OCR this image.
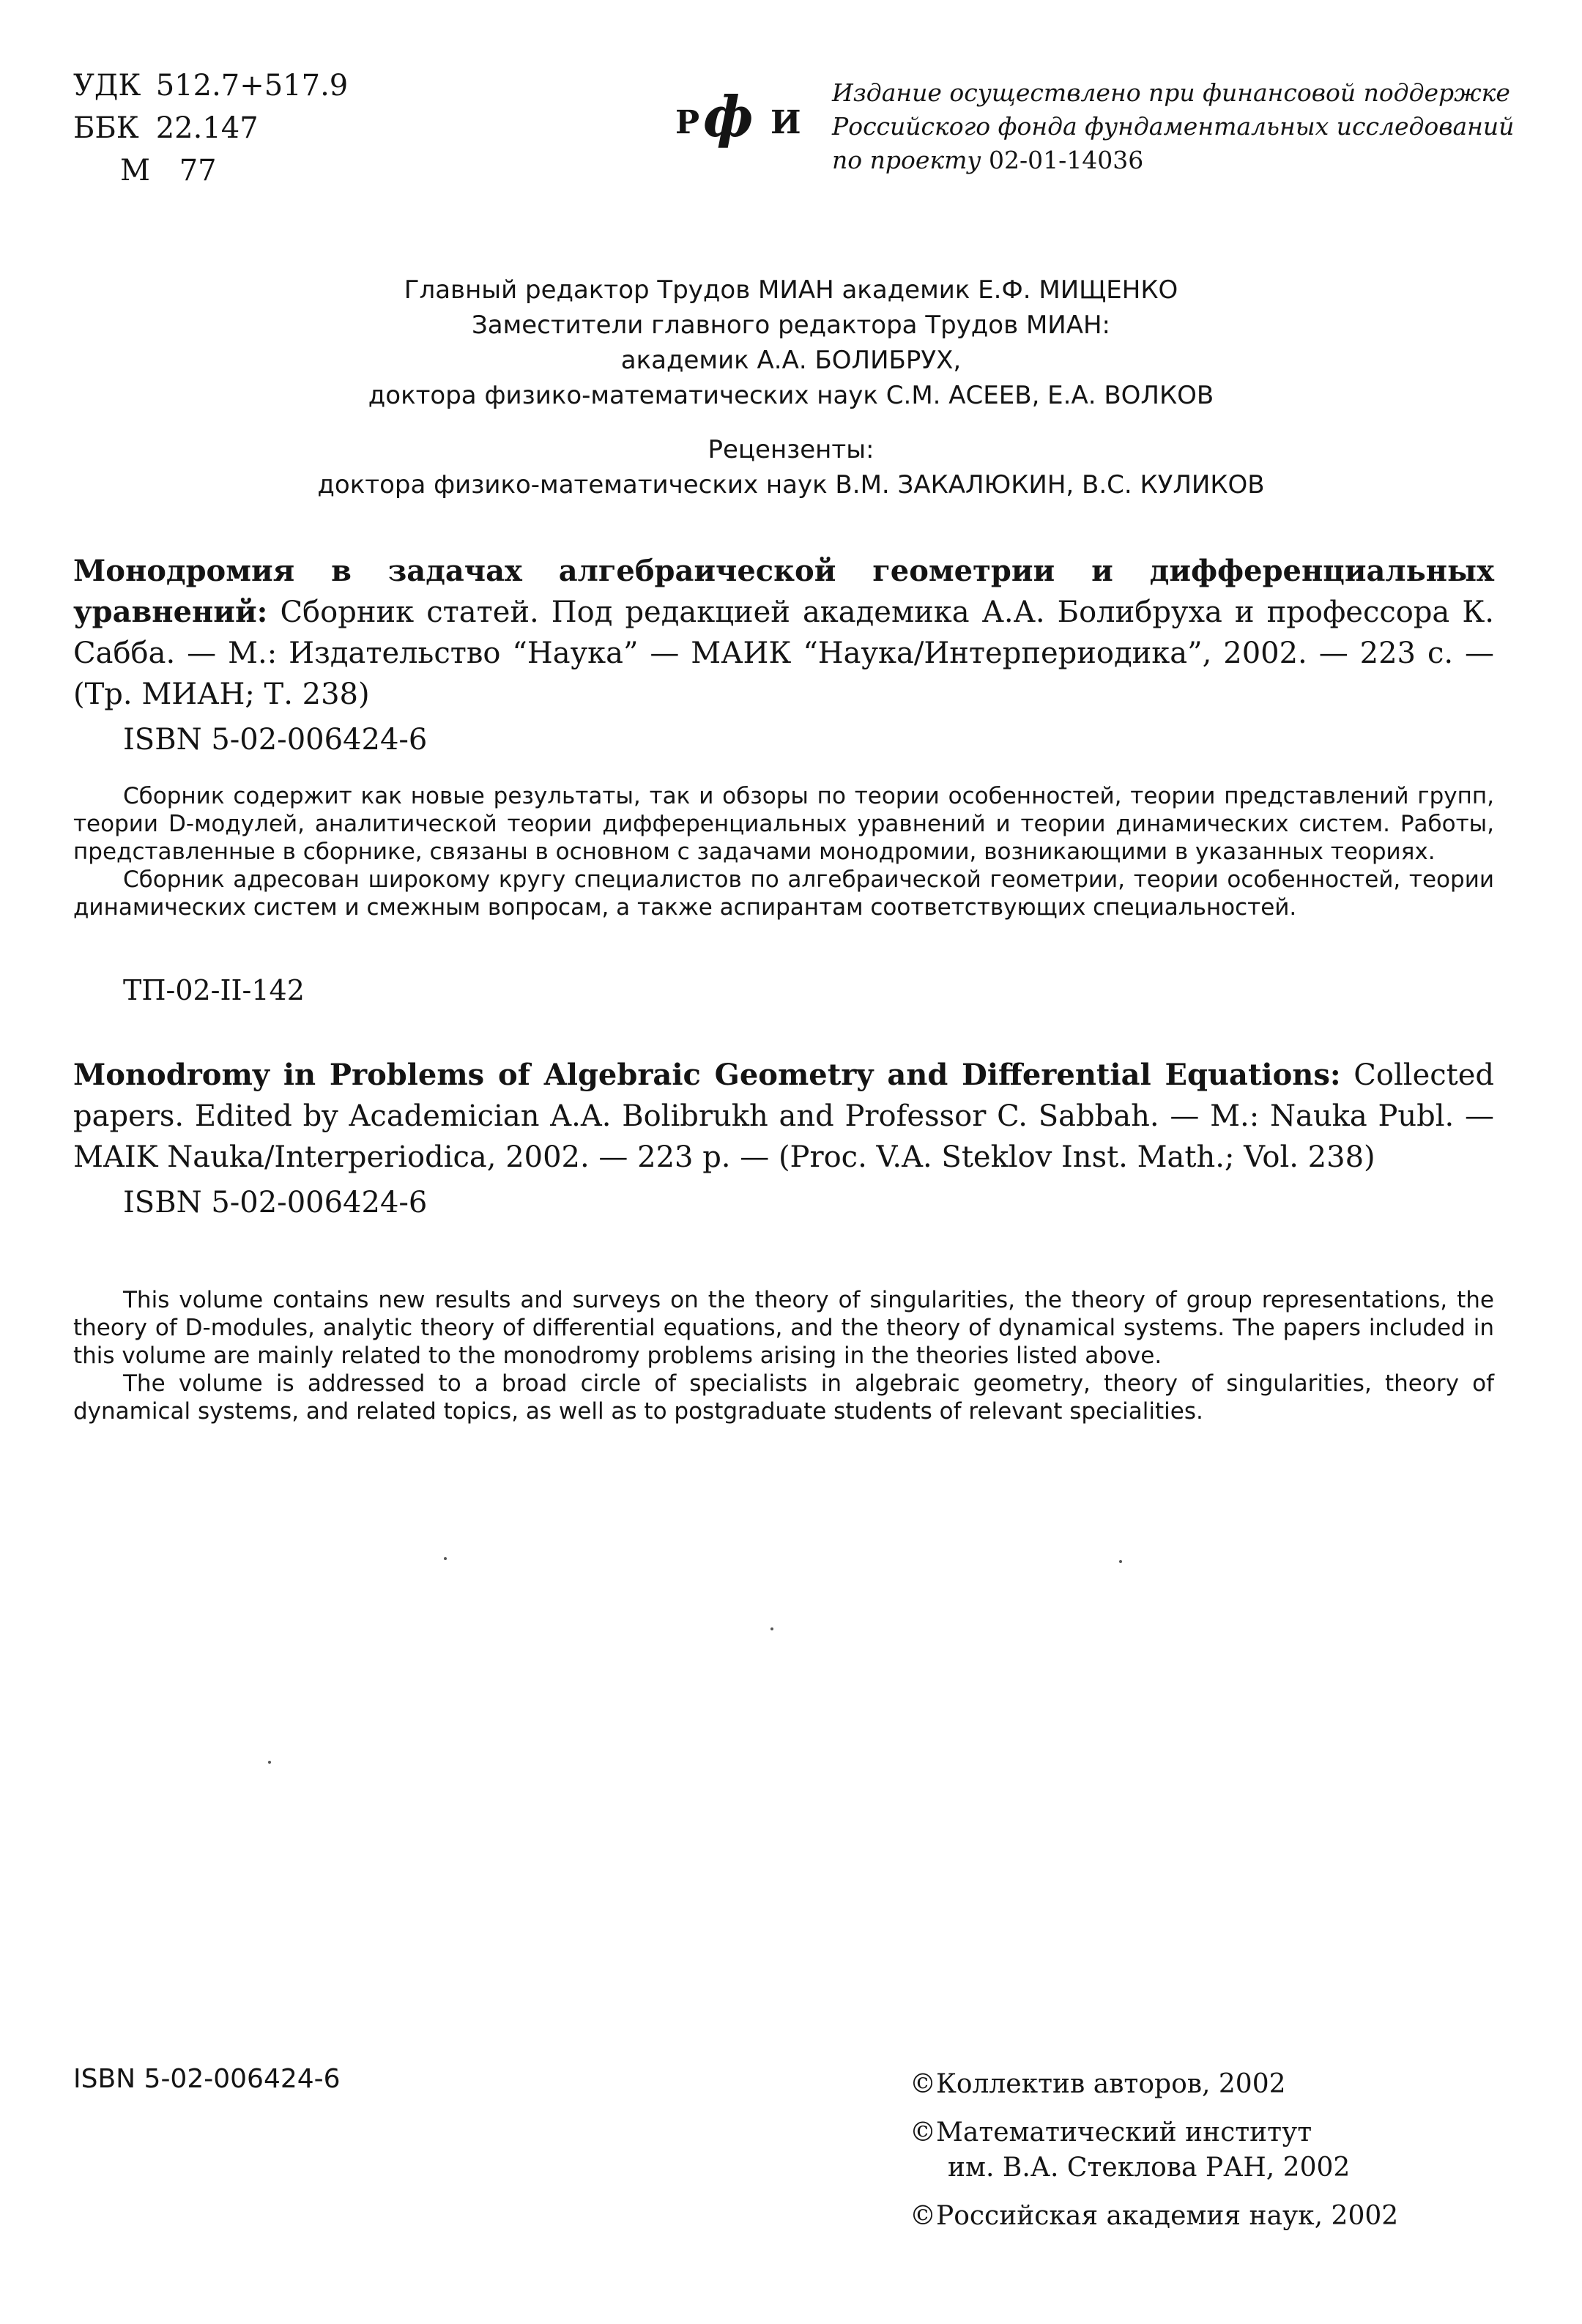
УДК 512.7+517.9
ББК 22.147
М 77
Р ф И
Издание осуществлено при финансовой поддержке
Российского фонда фундаментальных исследований
по проекту 02-01-14036
Главный редактор Трудов МИАН академик Е.Ф. МИЩЕНКО
Заместители главного редактора Трудов МИАН:
академик А.А. БОЛИБРУХ,
доктора физико-математических наук С.М. АСЕЕВ, Е.А. ВОЛКОВ
Рецензенты:
доктора физико-математических наук В.М. ЗАКАЛЮКИН, В.С. КУЛИКОВ
Монодромия в задачах алгебраической геометрии и дифференциальных уравнений: Сборник статей. Под редакцией академика А.А. Болибруха и профессора К. Сабба. — М.: Издательство “Наука” — МАИК “Наука/Интерпериодика”, 2002. — 223 с. — (Тр. МИАН; Т. 238)
ISBN 5-02-006424-6

Сборник содержит как новые результаты, так и обзоры по теории особенностей, теории представлений групп, теории D-модулей, аналитической теории дифференциальных уравнений и теории динамических систем. Работы, представленные в сборнике, связаны в основном с задачами монодромии, возникающими в указанных теориях.

Сборник адресован широкому кругу специалистов по алгебраической геометрии, теории особенностей, теории динамических систем и смежным вопросам, а также аспирантам соответствующих специальностей.

ТП-02-II-142
Monodromy in Problems of Algebraic Geometry and Differential Equations: Collected papers. Edited by Academician A.A. Bolibrukh and Professor C. Sabbah. — M.: Nauka Publ. — MAIK Nauka/Interperiodica, 2002. — 223 p. — (Proc. V.A. Steklov Inst. Math.; Vol. 238)
ISBN 5-02-006424-6

This volume contains new results and surveys on the theory of singularities, the theory of group representations, the theory of D-modules, analytic theory of differential equations, and the theory of dynamical systems. The papers included in this volume are mainly related to the monodromy problems arising in the theories listed above.

The volume is addressed to a broad circle of specialists in algebraic geometry, theory of singularities, theory of dynamical systems, and related topics, as well as to postgraduate students of relevant specialities.

ISBN 5-02-006424-6	©Коллектив авторов, 2002
©Математический институт
им. В.А. Стеклова РАН, 2002
©Российская академия наук, 2002
